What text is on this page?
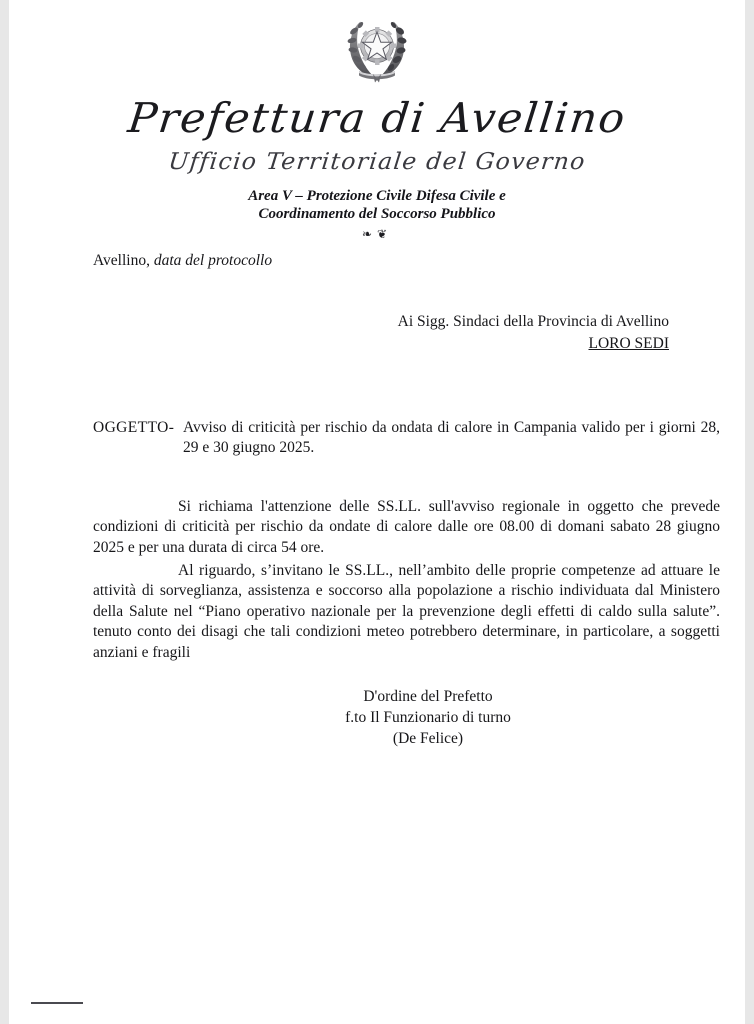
Prefettura di Avellino
Ufficio Territoriale del Governo
Area V – Protezione Civile Difesa Civile e
Coordinamento del Soccorso Pubblico
❧❦
Avellino, data del protocollo
Ai Sigg. Sindaci della Provincia di Avellino
LORO SEDI
OGGETTO- Avviso di criticità per rischio da ondata di calore in Campania valido per i giorni 28, 29 e 30 giugno 2025.

Si richiama l'attenzione delle SS.LL. sull'avviso regionale in oggetto che prevede condizioni di criticità per rischio da ondate di calore dalle ore 08.00 di domani sabato 28 giugno 2025 e per una durata di circa 54 ore.

Al riguardo, s’invitano le SS.LL., nell’ambito delle proprie competenze ad attuare le attività di sorveglianza, assistenza e soccorso alla popolazione a rischio individuata dal Ministero della Salute nel “Piano operativo nazionale per la prevenzione degli effetti di caldo sulla salute”. tenuto conto dei disagi che tali condizioni meteo potrebbero determinare, in particolare, a soggetti anziani e fragili

D'ordine del Prefetto
f.to Il Funzionario di turno
(De Felice)
